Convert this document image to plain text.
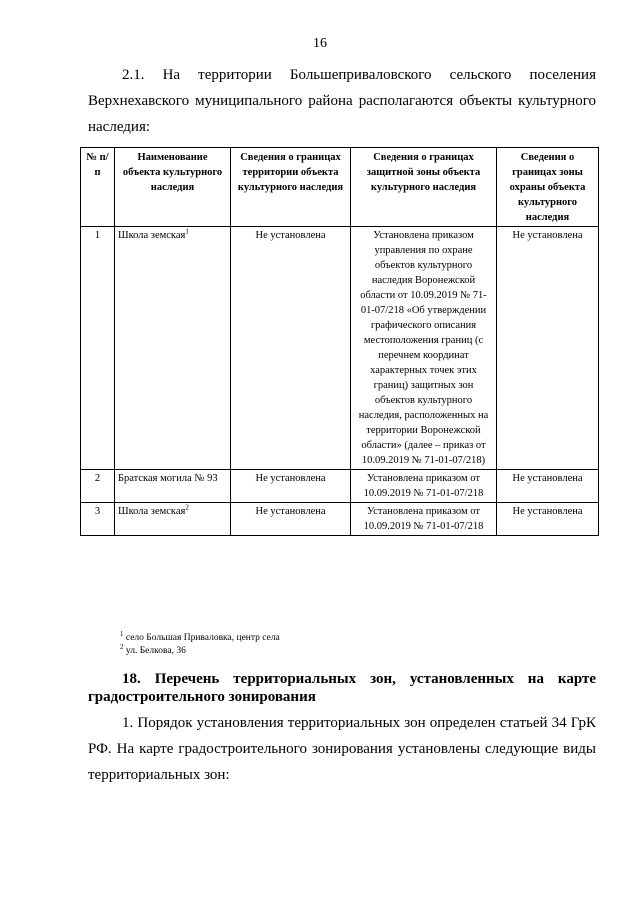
16

2.1. На территории Большеприваловского сельского поселения Верхнехавского муниципального района располагаются объекты культурного наследия:

№ п/п	Наименование объекта культурного наследия	Сведения о границах территории объекта культурного наследия	Сведения о границах защитной зоны объекта культурного наследия	Сведения о границах зоны охраны объекта культурного наследия
1	Школа земская$^1$	Не установлена	Установлена приказом управления по охране объектов культурного наследия Воронежской области от 10.09.2019 № 71-01-07/218 «Об утверждении графического описания местоположения границ (с перечнем координат характерных точек этих границ) защитных зон объектов культурного наследия, расположенных на территории Воронежской области» (далее – приказ от 10.09.2019 № 71-01-07/218)	Не установлена
2	Братская могила № 93	Не установлена	Установлена приказом от 10.09.2019 № 71-01-07/218	Не установлена
3	Школа земская$^2$	Не установлена	Установлена приказом от 10.09.2019 № 71-01-07/218	Не установлена
$^1$ село Большая Приваловка, центр села
$^2$ ул. Белкова, 36

18. Перечень территориальных зон, установленных на карте градостроительного зонирования

1. Порядок установления территориальных зон определен статьей 34 ГрК РФ. На карте градостроительного зонирования установлены следующие виды территориальных зон:
